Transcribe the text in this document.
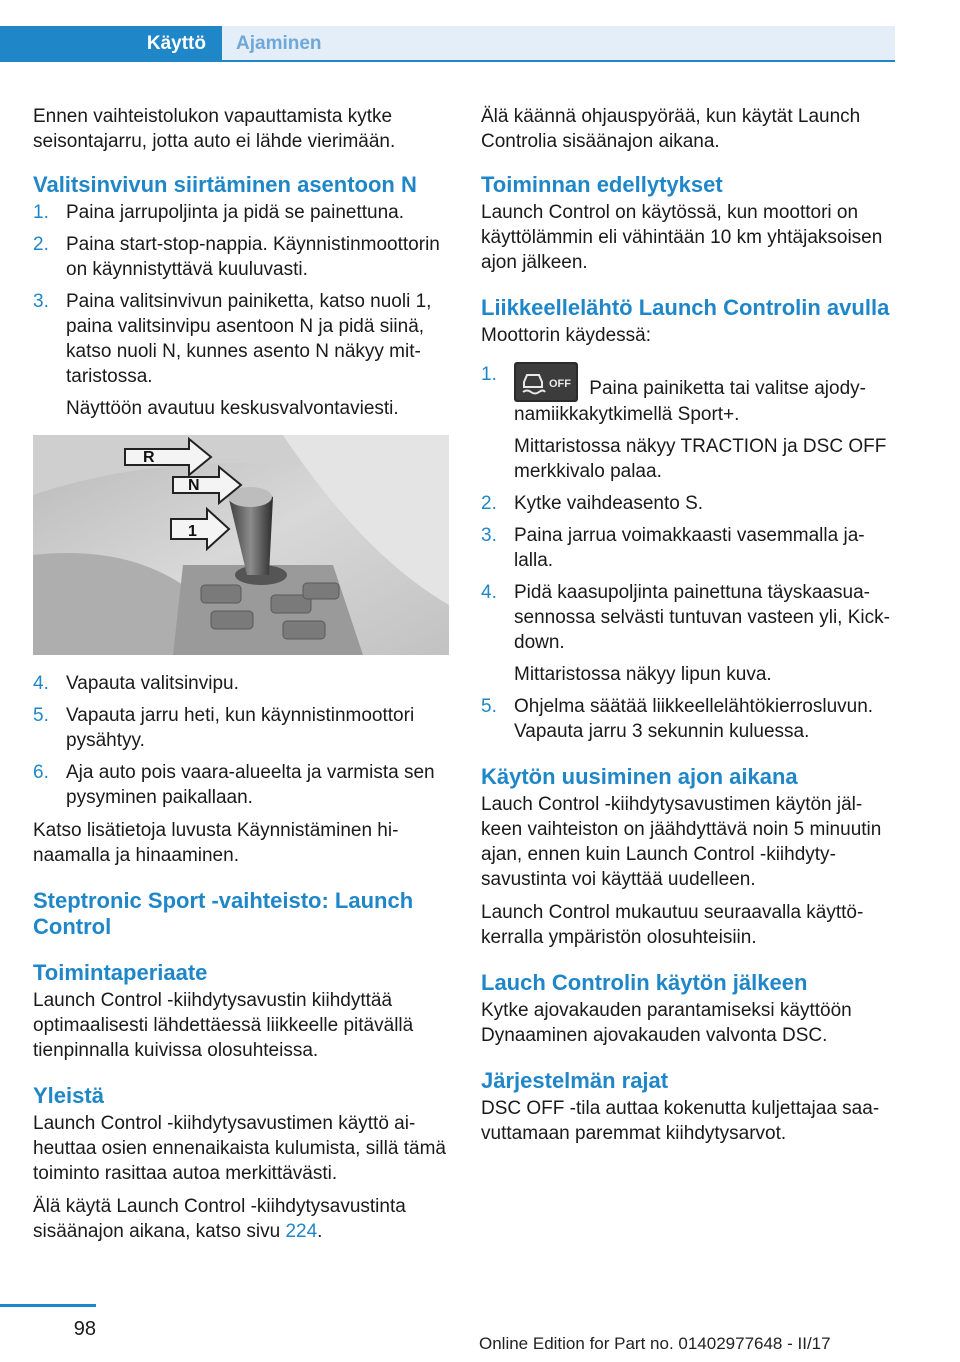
Käyttö	Ajaminen

Ennen vaihteistolukon vapauttamista kytke seisontajarru, jotta auto ei lähde vierimään.

Valitsinvivun siirtäminen asentoon N
1. Paina jarrupoljinta ja pidä se painettuna.
2. Paina start-stop-nappia. Käynnistinmoottorin on käynnistyttävä kuuluvasti.
3. Paina valitsinvivun painiketta, katso nuoli 1, paina valitsinvipu asentoon N ja pidä siinä, katso nuoli N, kunnes asento N näkyy mittaristossa.
Näyttöön avautuu keskusvalvontaviesti.
R
N
1
4. Vapauta valitsinvipu.
5. Vapauta jarru heti, kun käynnistinmoottori pysähtyy.
6. Aja auto pois vaara-alueelta ja varmista sen pysyminen paikallaan.

Katso lisätietoja luvusta Käynnistäminen hinaamalla ja hinaaminen.

Steptronic Sport -vaihteisto: Launch Control
Toimintaperiaate

Launch Control -kiihdytysavustin kiihdyttää optimaalisesti lähdettäessä liikkeelle pitävällä tienpinnalla kuivissa olosuhteissa.

Yleistä

Launch Control -kiihdytysavustimen käyttö aiheuttaa osien ennenaikaista kulumista, sillä tämä toiminto rasittaa autoa merkittävästi.

Älä käytä Launch Control -kiihdytysavustinta sisäänajon aikana, katso sivu 224.

Älä käännä ohjauspyörää, kun käytät Launch Controlia sisäänajon aikana.

Toiminnan edellytykset

Launch Control on käytössä, kun moottori on käyttölämmin eli vähintään 10 km yhtäjaksoisen ajon jälkeen.

Liikkeellelähtö Launch Controlin avulla

Moottorin käydessä:

1.	OFF Paina painiketta tai valitse ajodynamiikkakytkimellä Sport+.
Mittaristossa näkyy TRACTION ja DSC OFF merkkivalo palaa.
2. Kytke vaihdeasento S.
3. Paina jarrua voimakkaasti vasemmalla jalalla.
4. Pidä kaasupoljinta painettuna täyskaasuasennossa selvästi tuntuvan vasteen yli, Kick-down.
Mittaristossa näkyy lipun kuva.
5. Ohjelma säätää liikkeellelähtökierrosluvun. Vapauta jarru 3 sekunnin kuluessa.
Käytön uusiminen ajon aikana

Lauch Control -kiihdytysavustimen käytön jälkeen vaihteiston on jäähdyttävä noin 5 minuutin ajan, ennen kuin Launch Control -kiihdytysavustinta voi käyttää uudelleen.

Launch Control mukautuu seuraavalla käyttökerralla ympäristön olosuhteisiin.

Lauch Controlin käytön jälkeen

Kytke ajovakauden parantamiseksi käyttöön Dynaaminen ajovakauden valvonta DSC.

Järjestelmän rajat

DSC OFF -tila auttaa kokenutta kuljettajaa saavuttamaan paremmat kiihdytysarvot.

98
Online Edition for Part no. 01402977648 - II/17
